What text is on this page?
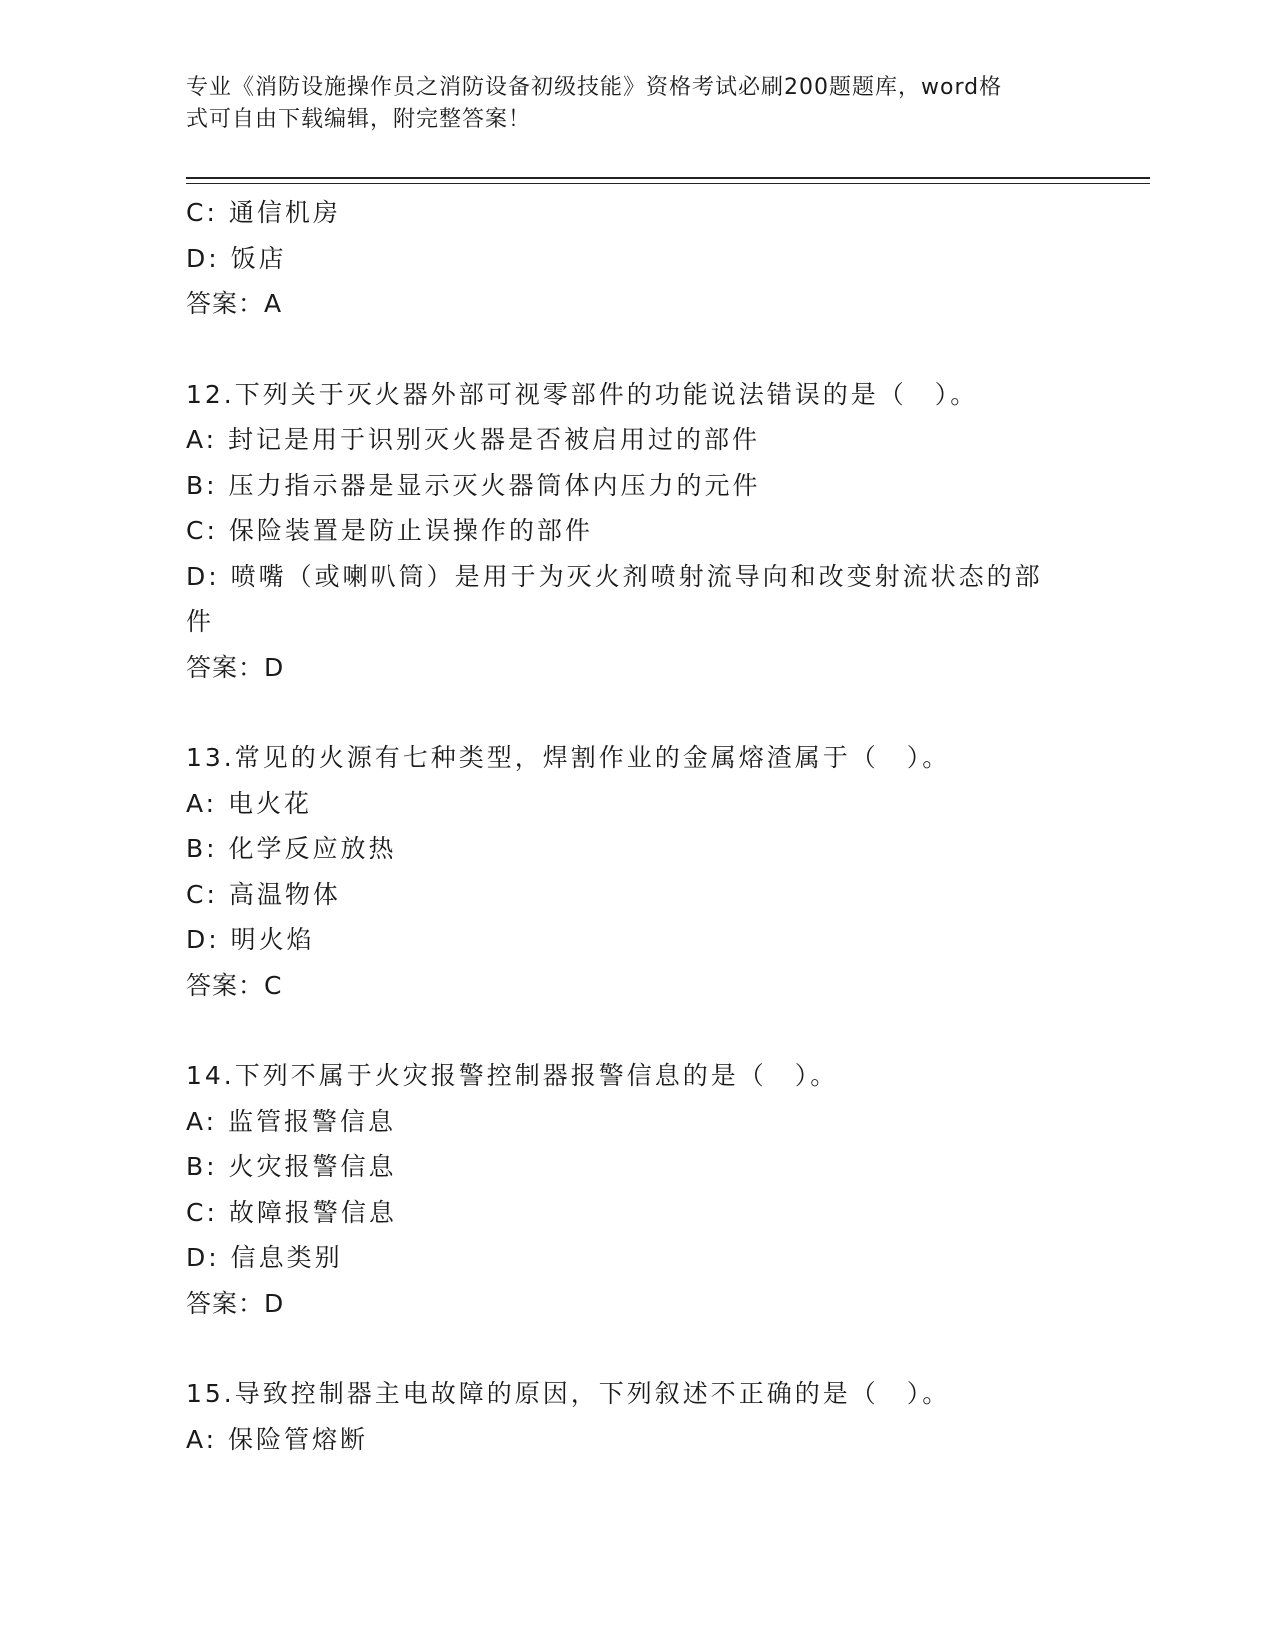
专业《消防设施操作员之消防设备初级技能》资格考试必刷200题题库，word格
式可自由下载编辑，附完整答案！
C: 通信机房
D: 饭店
答案：A
12.下列关于灭火器外部可视零部件的功能说法错误的是（　）。
A: 封记是用于识别灭火器是否被启用过的部件
B: 压力指示器是显示灭火器筒体内压力的元件
C: 保险装置是防止误操作的部件
D: 喷嘴（或喇叭筒）是用于为灭火剂喷射流导向和改变射流状态的部件
答案：D
13.常见的火源有七种类型，焊割作业的金属熔渣属于（　）。
A: 电火花
B: 化学反应放热
C: 高温物体
D: 明火焰
答案：C
14.下列不属于火灾报警控制器报警信息的是（　）。
A: 监管报警信息
B: 火灾报警信息
C: 故障报警信息
D: 信息类别
答案：D
15.导致控制器主电故障的原因，下列叙述不正确的是（　）。
A: 保险管熔断
